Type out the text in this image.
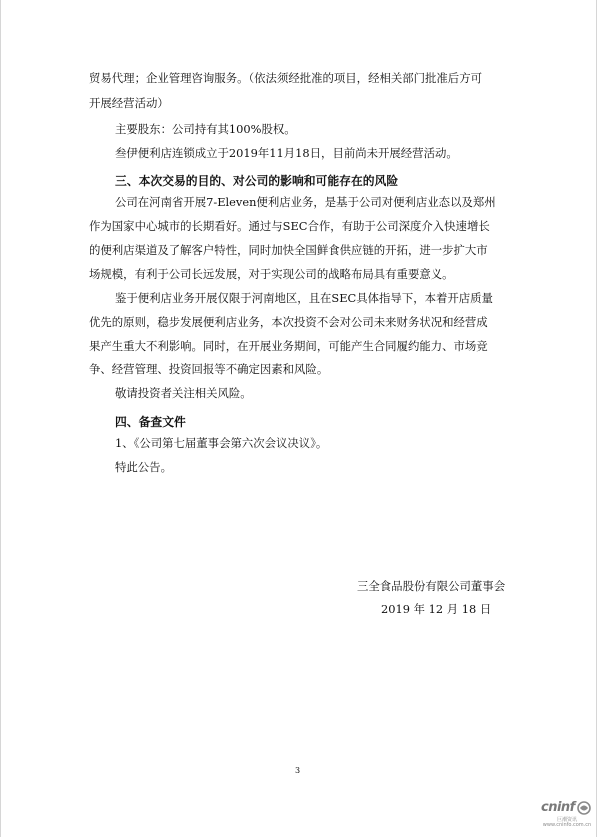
贸易代理；企业管理咨询服务。（依法须经批准的项目，经相关部门批准后方可

开展经营活动）

主要股东：公司持有其100%股权。

叁伊便利店连锁成立于2019年11月18日，目前尚未开展经营活动。

三、本次交易的目的、对公司的影响和可能存在的风险

公司在河南省开展7-Eleven便利店业务，是基于公司对便利店业态以及郑州

作为国家中心城市的长期看好。通过与SEC合作，有助于公司深度介入快速增长

的便利店渠道及了解客户特性，同时加快全国鲜食供应链的开拓，进一步扩大市

场规模，有利于公司长远发展，对于实现公司的战略布局具有重要意义。

鉴于便利店业务开展仅限于河南地区，且在SEC具体指导下，本着开店质量

优先的原则，稳步发展便利店业务，本次投资不会对公司未来财务状况和经营成

果产生重大不利影响。同时，在开展业务期间，可能产生合同履约能力、市场竞

争、经营管理、投资回报等不确定因素和风险。

敬请投资者关注相关风险。

四、备查文件

1、《公司第七届董事会第六次会议决议》。

特此公告。

三全食品股份有限公司董事会

2019 年 12 月 18 日

3

cninf
巨潮资讯
www.cninfo.com.cn
